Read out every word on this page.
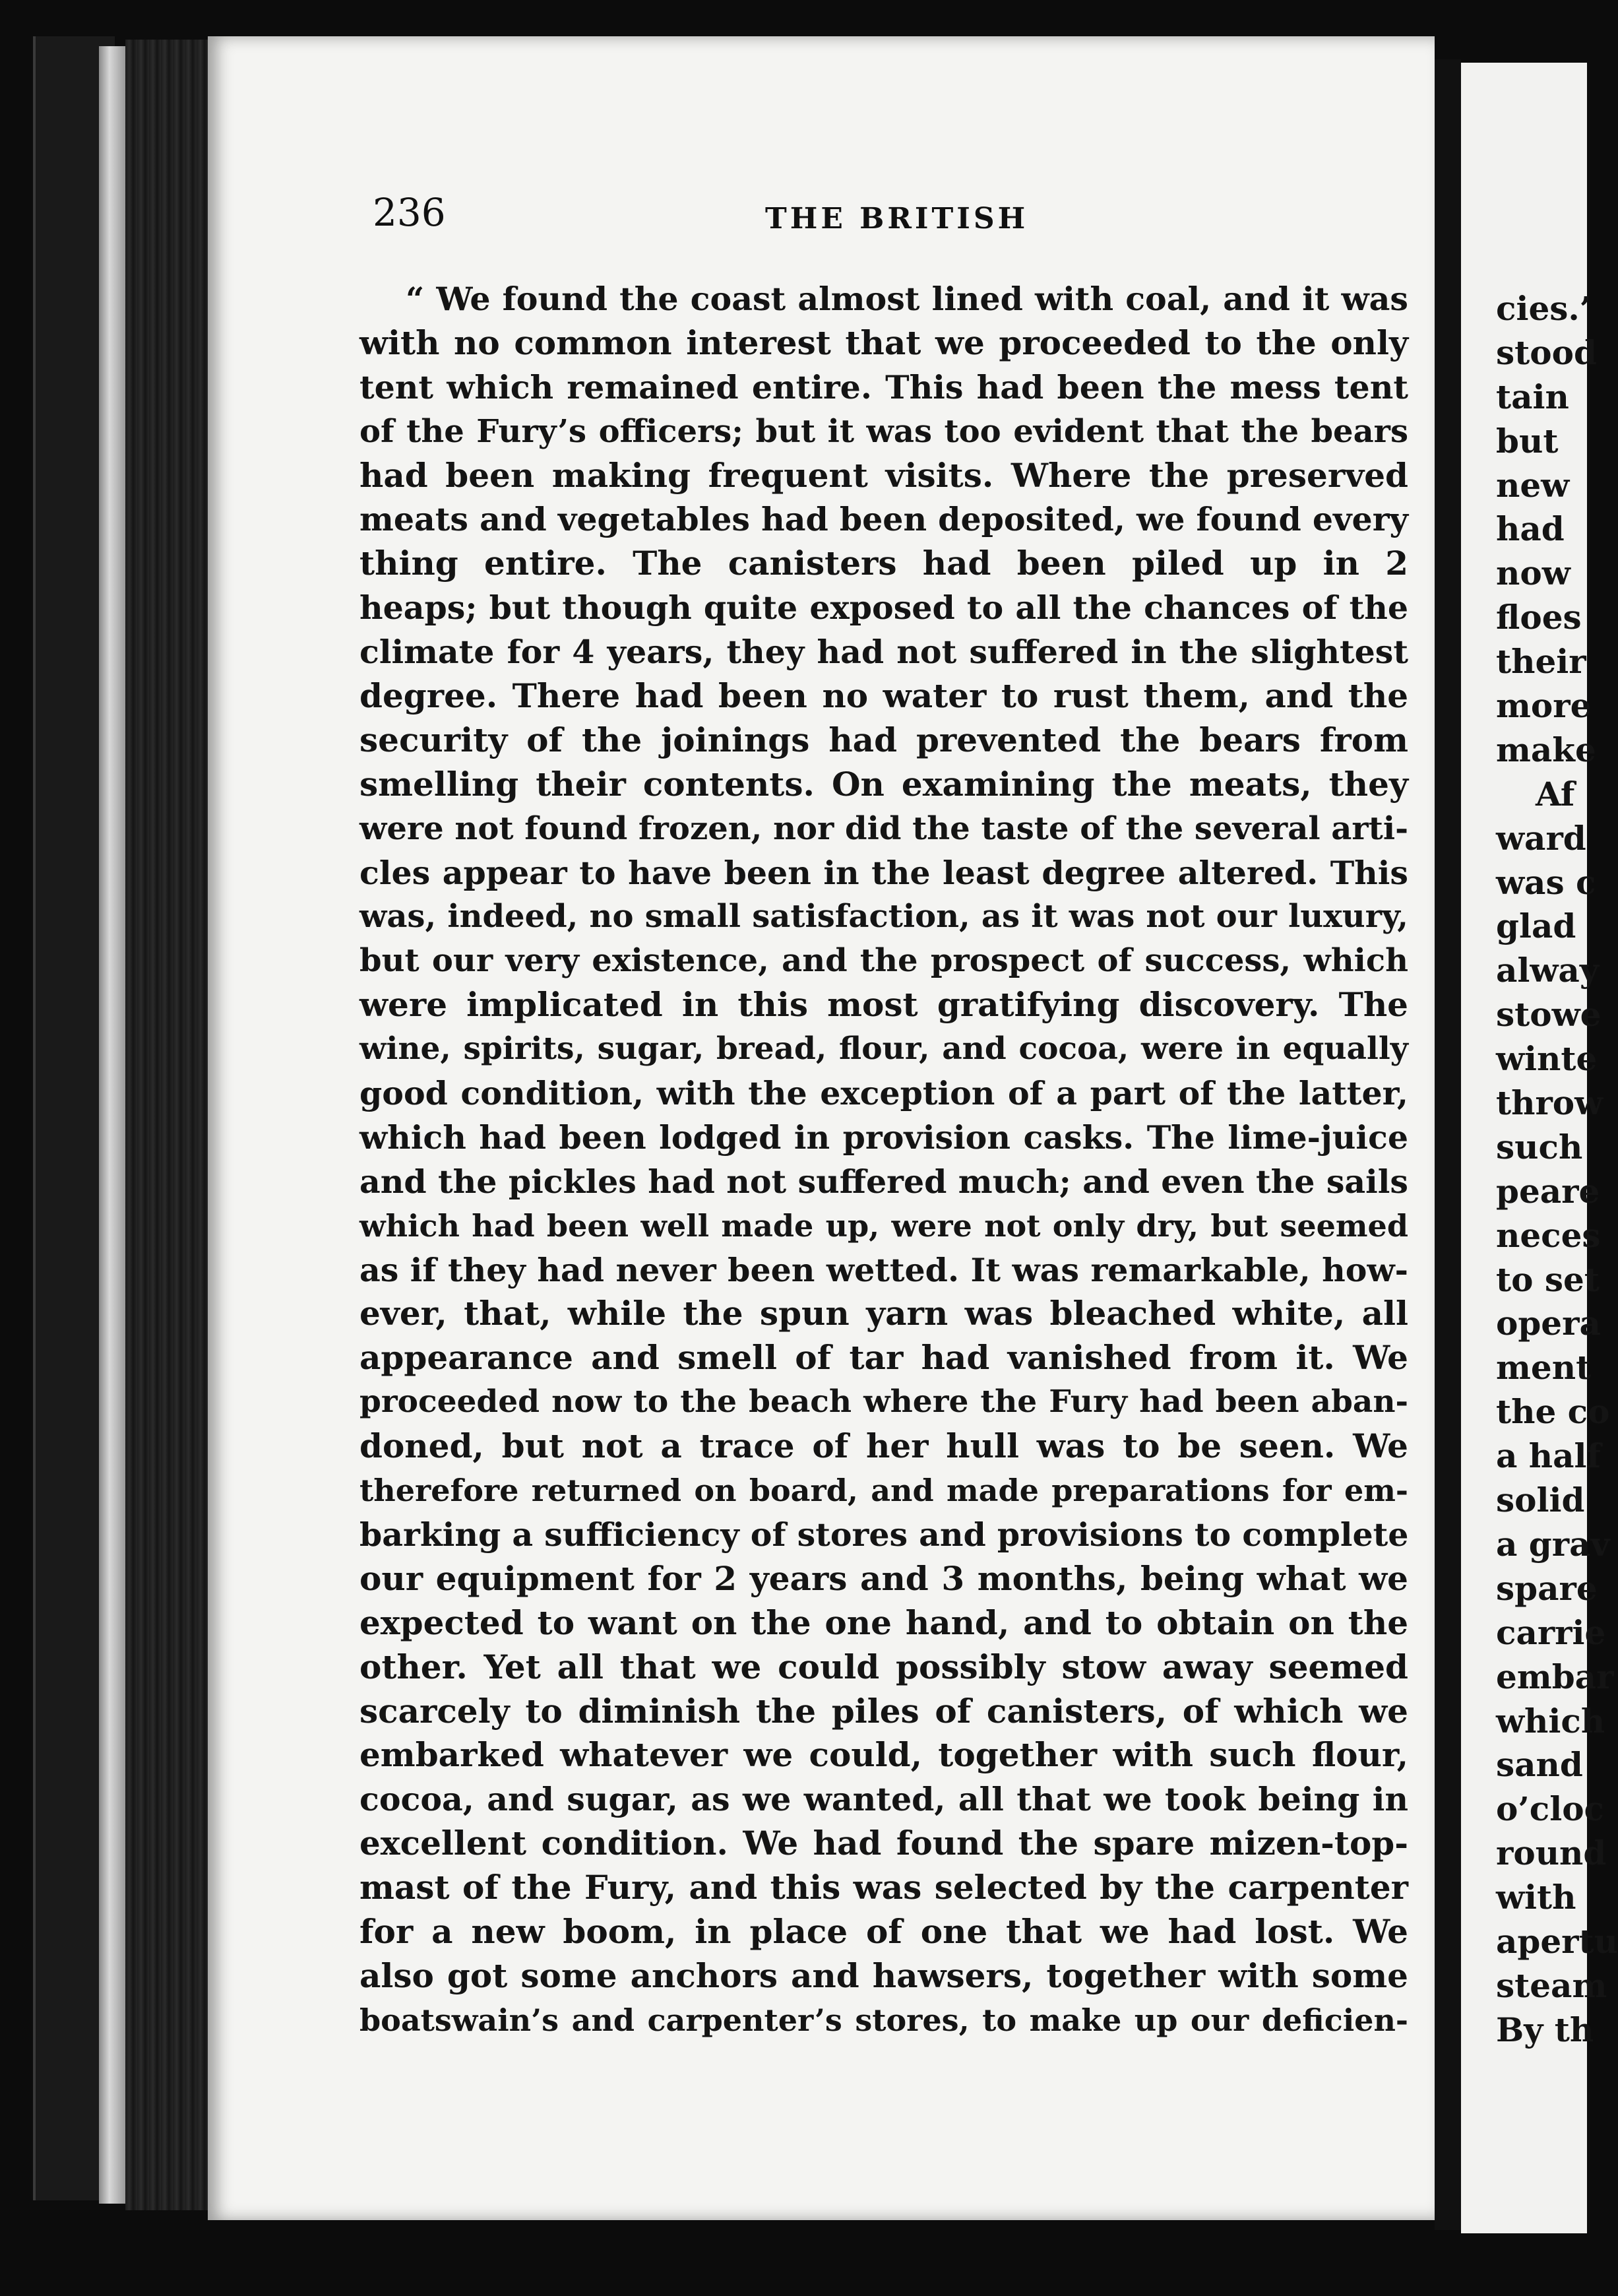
236	THE BRITISH

“ We found the coast almost lined with coal, and it was
with no common interest that we proceeded to the only
tent which remained entire. This had been the mess tent
of the Fury’s officers; but it was too evident that the bears
had been making frequent visits. Where the preserved
meats and vegetables had been deposited, we found every
thing entire. The canisters had been piled up in 2
heaps; but though quite exposed to all the chances of the
climate for 4 years, they had not suffered in the slightest
degree. There had been no water to rust them, and the
security of the joinings had prevented the bears from
smelling their contents. On examining the meats, they
were not found frozen, nor did the taste of the several arti-
cles appear to have been in the least degree altered. This
was, indeed, no small satisfaction, as it was not our luxury,
but our very existence, and the prospect of success, which
were implicated in this most gratifying discovery. The
wine, spirits, sugar, bread, flour, and cocoa, were in equally
good condition, with the exception of a part of the latter,
which had been lodged in provision casks. The lime-juice
and the pickles had not suffered much; and even the sails
which had been well made up, were not only dry, but seemed
as if they had never been wetted. It was remarkable, how-
ever, that, while the spun yarn was bleached white, all
appearance and smell of tar had vanished from it. We
proceeded now to the beach where the Fury had been aban-
doned, but not a trace of her hull was to be seen. We
therefore returned on board, and made preparations for em-
barking a sufficiency of stores and provisions to complete
our equipment for 2 years and 3 months, being what we
expected to want on the one hand, and to obtain on the
other. Yet all that we could possibly stow away seemed
scarcely to diminish the piles of canisters, of which we
embarked whatever we could, together with such flour,
cocoa, and sugar, as we wanted, all that we took being in
excellent condition. We had found the spare mizen-top-
mast of the Fury, and this was selected by the carpenter
for a new boom, in place of one that we had lost. We
also got some anchors and hawsers, together with some
boatswain’s and carpenter’s stores, to make up our deficien-
cies.’
stood
tain
but
new
had
now
floes
their
more
make
Af
ward
was c
glad
alway
stowe
winte
throw
such
peare
neces
to set
opera
ment
the co
a half
solid
a grav
spare
carrie
embar
which
sand
o’cloc
round
with
apertu
steam
By th
